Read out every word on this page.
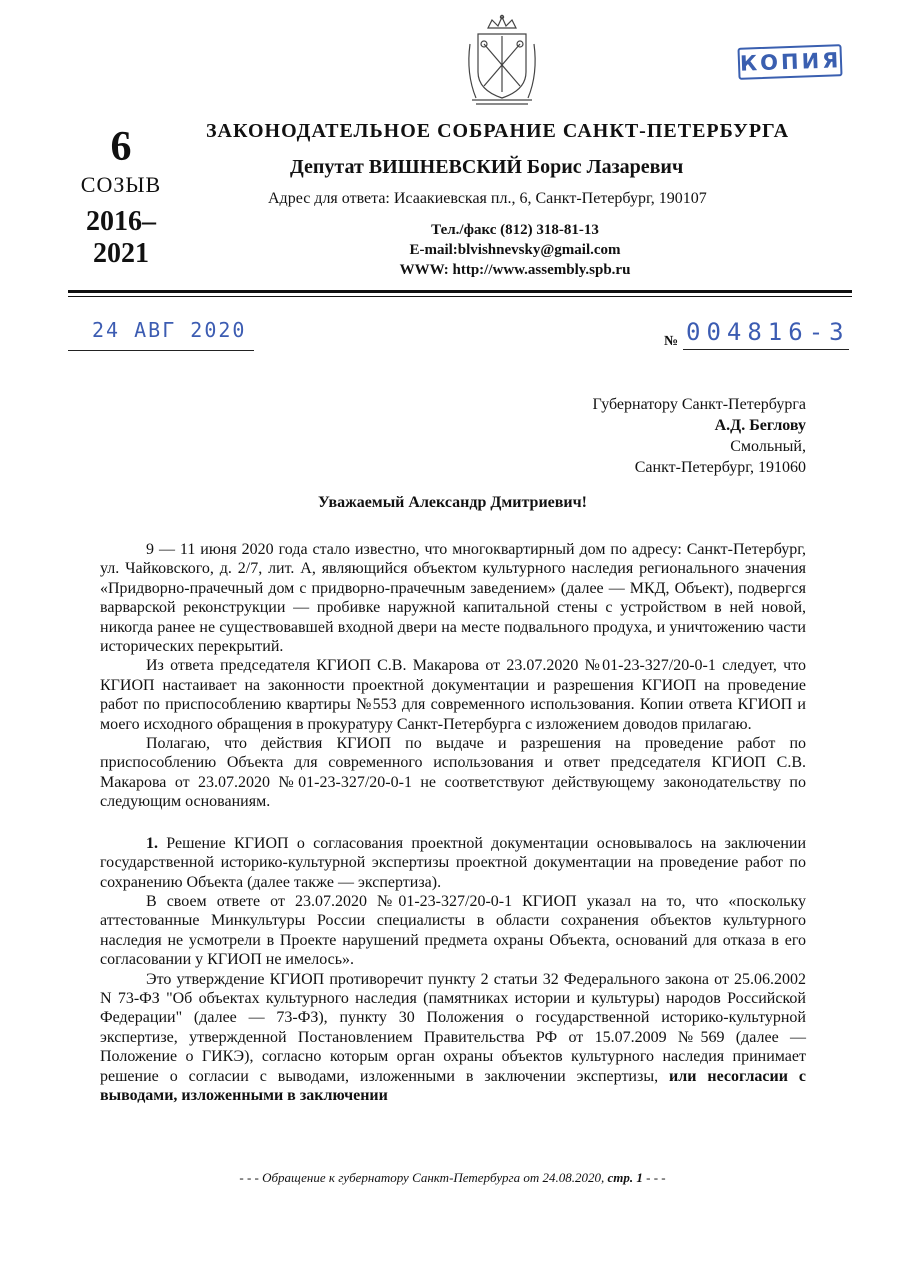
КОПИЯ
6
СОЗЫВ
2016–
2021
ЗАКОНОДАТЕЛЬНОЕ СОБРАНИЕ САНКТ-ПЕТЕРБУРГА
Депутат ВИШНЕВСКИЙ Борис Лазаревич
Адрес для ответа: Исаакиевская пл., 6, Санкт-Петербург, 190107
Тел./факс (812) 318-81-13
E-mail:blvishnevsky@gmail.com
WWW: http://www.assembly.spb.ru
24 АВГ 2020	№ 004816-3
Губернатору Санкт-Петербурга
А.Д. Беглову
Смольный,
Санкт-Петербург, 191060
Уважаемый Александр Дмитриевич!

9 — 11 июня 2020 года стало известно, что многоквартирный дом по адресу: Санкт-Петербург, ул. Чайковского, д. 2/7, лит. А, являющийся объектом культурного наследия регионального значения «Придворно-прачечный дом с придворно-прачечным заведением» (далее — МКД, Объект), подвергся варварской реконструкции — пробивке наружной капитальной стены с устройством в ней новой, никогда ранее не существовавшей входной двери на месте подвального продуха, и уничтожению части исторических перекрытий.

Из ответа председателя КГИОП С.В. Макарова от 23.07.2020 №01-23-327/20-0-1 следует, что КГИОП настаивает на законности проектной документации и разрешения КГИОП на проведение работ по приспособлению квартиры №553 для современного использования. Копии ответа КГИОП и моего исходного обращения в прокуратуру Санкт-Петербурга с изложением доводов прилагаю.

Полагаю, что действия КГИОП по выдаче и разрешения на проведение работ по приспособлению Объекта для современного использования и ответ председателя КГИОП С.В. Макарова от 23.07.2020 №01-23-327/20-0-1 не соответствуют действующему законодательству по следующим основаниям.

1. Решение КГИОП о согласования проектной документации основывалось на заключении государственной историко-культурной экспертизы проектной документации на проведение работ по сохранению Объекта (далее также — экспертиза).

В своем ответе от 23.07.2020 №01-23-327/20-0-1 КГИОП указал на то, что «поскольку аттестованные Минкультуры России специалисты в области сохранения объектов культурного наследия не усмотрели в Проекте нарушений предмета охраны Объекта, оснований для отказа в его согласовании у КГИОП не имелось».

Это утверждение КГИОП противоречит пункту 2 статьи 32 Федерального закона от 25.06.2002 N 73-ФЗ "Об объектах культурного наследия (памятниках истории и культуры) народов Российской Федерации" (далее — 73-ФЗ), пункту 30 Положения о государственной историко-культурной экспертизе, утвержденной Постановлением Правительства РФ от 15.07.2009 №569 (далее — Положение о ГИКЭ), согласно которым орган охраны объектов культурного наследия принимает решение о согласии с выводами, изложенными в заключении экспертизы, или несогласии с выводами, изложенными в заключении

- - - Обращение к губернатору Санкт-Петербурга от 24.08.2020, стр. 1 - - -
